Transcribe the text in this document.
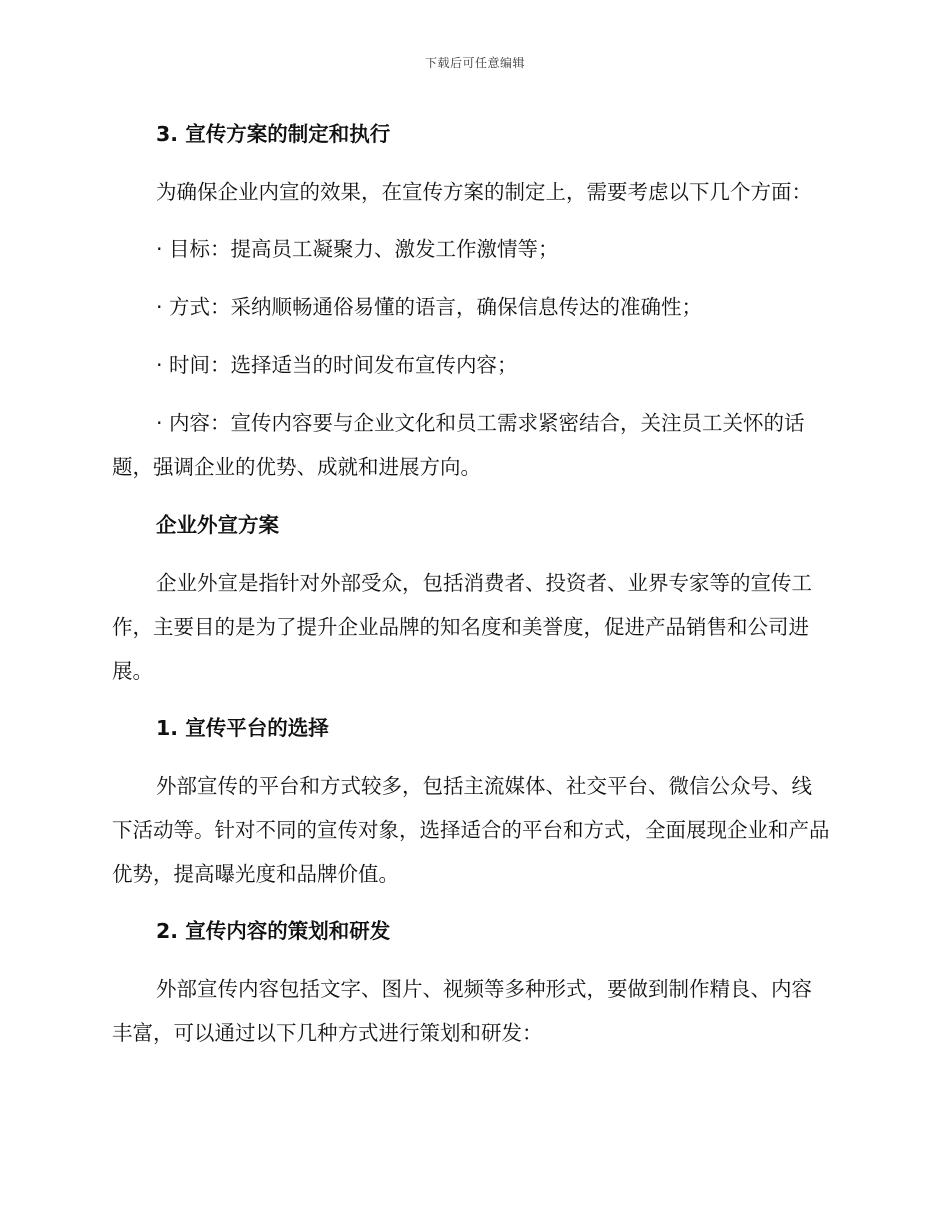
下载后可任意编辑

3. 宣传方案的制定和执行

为确保企业内宣的效果，在宣传方案的制定上，需要考虑以下几个方面：

· 目标：提高员工凝聚力、激发工作激情等；

· 方式：采纳顺畅通俗易懂的语言，确保信息传达的准确性；

· 时间：选择适当的时间发布宣传内容；

· 内容：宣传内容要与企业文化和员工需求紧密结合，关注员工关怀的话题，强调企业的优势、成就和进展方向。

企业外宣方案

企业外宣是指针对外部受众，包括消费者、投资者、业界专家等的宣传工作，主要目的是为了提升企业品牌的知名度和美誉度，促进产品销售和公司进展。

1. 宣传平台的选择

外部宣传的平台和方式较多，包括主流媒体、社交平台、微信公众号、线下活动等。针对不同的宣传对象，选择适合的平台和方式，全面展现企业和产品优势，提高曝光度和品牌价值。

2. 宣传内容的策划和研发

外部宣传内容包括文字、图片、视频等多种形式，要做到制作精良、内容丰富，可以通过以下几种方式进行策划和研发：
